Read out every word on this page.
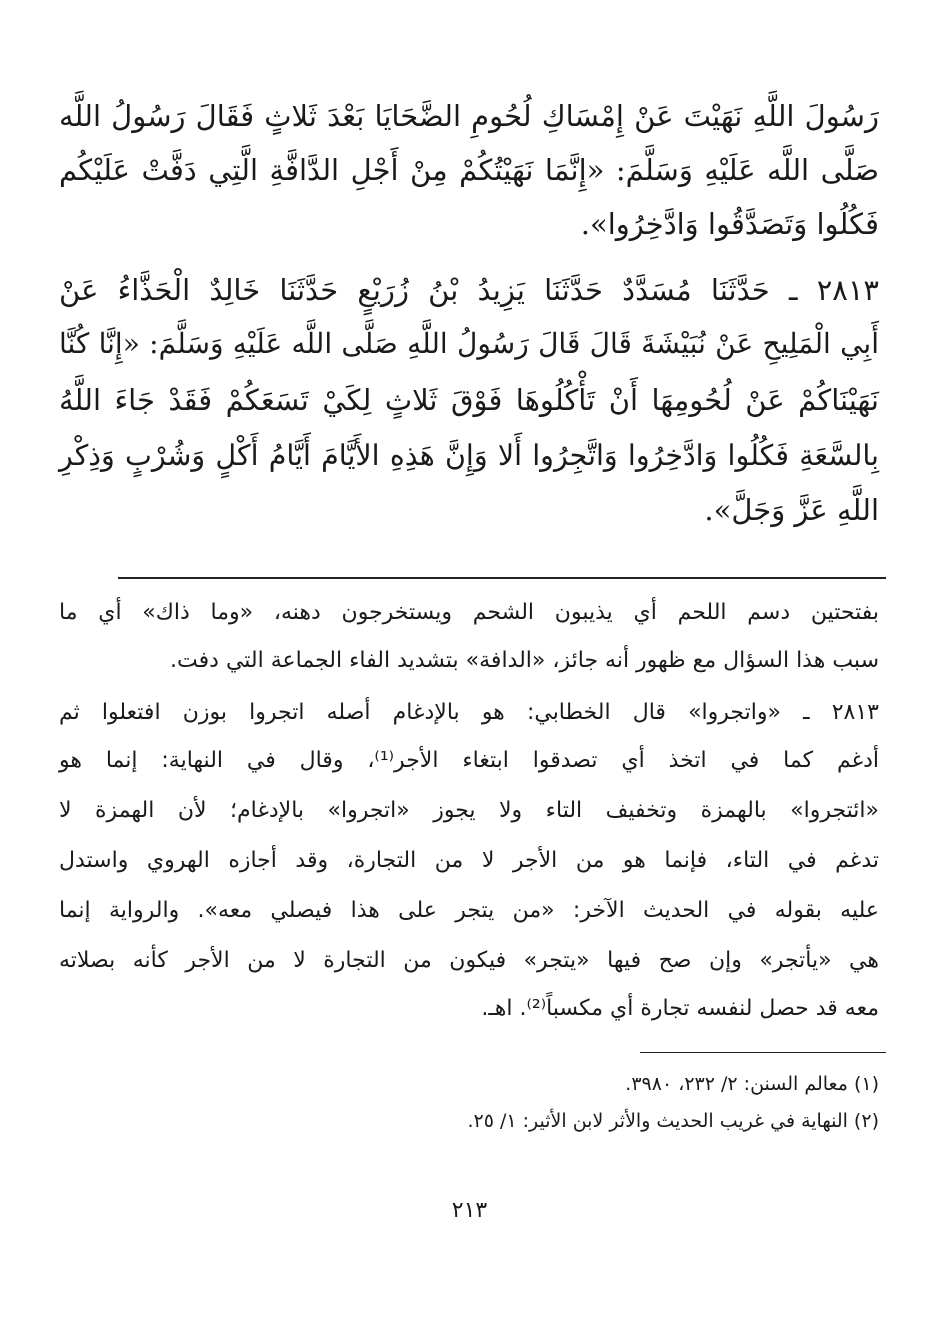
رَسُولَ اللَّهِ نَهَيْتَ عَنْ إِمْسَاكِ لُحُومِ الضَّحَايَا بَعْدَ ثَلاثٍ فَقَالَ رَسُولُ اللَّه
صَلَّى اللَّه عَلَيْهِ وَسَلَّمَ: «إِنَّمَا نَهَيْتُكُمْ مِنْ أَجْلِ الدَّافَّةِ الَّتِي دَفَّتْ عَلَيْكُم
فَكُلُوا وَتَصَدَّقُوا وَادَّخِرُوا».
٢٨١٣ ـ حَدَّثَنَا مُسَدَّدٌ حَدَّثَنَا يَزِيدُ بْنُ زُرَيْعٍ حَدَّثَنَا خَالِدٌ الْحَذَّاءُ عَنْ
أَبِي الْمَلِيحِ عَنْ نُبَيْشَةَ قَالَ قَالَ رَسُولُ اللَّهِ صَلَّى اللَّه عَلَيْهِ وَسَلَّمَ: «إِنَّا كُنَّا
نَهَيْنَاكُمْ عَنْ لُحُومِهَا أَنْ تَأْكُلُوهَا فَوْقَ ثَلاثٍ لِكَيْ تَسَعَكُمْ فَقَدْ جَاءَ اللَّهُ
بِالسَّعَةِ فَكُلُوا وَادَّخِرُوا وَاتَّجِرُوا أَلا وَإِنَّ هَذِهِ الأَيَّامَ أَيَّامُ أَكْلٍ وَشُرْبٍ وَذِكْرِ
اللَّهِ عَزَّ وَجَلَّ».
بفتحتين دسم اللحم أي يذيبون الشحم ويستخرجون دهنه، «وما ذاك» أي ما
سبب هذا السؤال مع ظهور أنه جائز، «الدافة» بتشديد الفاء الجماعة التي دفت.
٢٨١٣ ـ «واتجروا» قال الخطابي: هو بالإدغام أصله اتجروا بوزن افتعلوا ثم
أدغم كما في اتخذ أي تصدقوا ابتغاء الأجر⁽¹⁾، وقال في النهاية: إنما هو
«ائتجروا» بالهمزة وتخفيف التاء ولا يجوز «اتجروا» بالإدغام؛ لأن الهمزة لا
تدغم في التاء، فإنما هو من الأجر لا من التجارة، وقد أجازه الهروي واستدل
عليه بقوله في الحديث الآخر: «من يتجر على هذا فيصلي معه». والرواية إنما
هي «يأتجر» وإن صح فيها «يتجر» فيكون من التجارة لا من الأجر كأنه بصلاته
معه قد حصل لنفسه تجارة أي مكسباً⁽²⁾. اهـ.
(١) معالم السنن: ٢/ ٢٣٢، ٣٩٨٠.
(٢) النهاية في غريب الحديث والأثر لابن الأثير: ١/ ٢٥.
٢١٣
